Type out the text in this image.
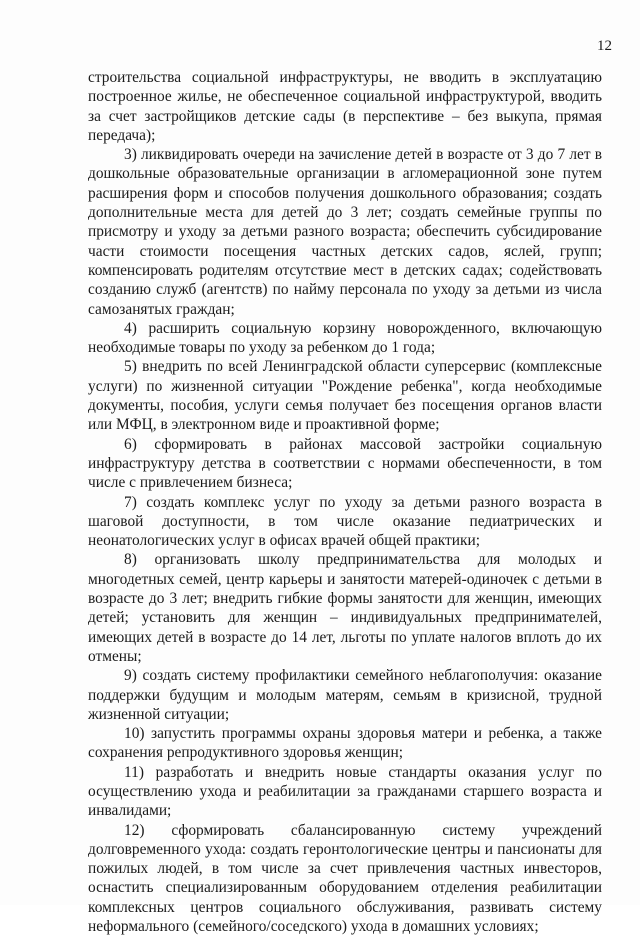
12

строительства социальной инфраструктуры, не вводить в эксплуатацию построенное жилье, не обеспеченное социальной инфраструктурой, вводить за счет застройщиков детские сады (в перспективе – без выкупа, прямая передача);

3) ликвидировать очереди на зачисление детей в возрасте от 3 до 7 лет в дошкольные образовательные организации в агломерационной зоне путем расширения форм и способов получения дошкольного образования; создать дополнительные места для детей до 3 лет; создать семейные группы по присмотру и уходу за детьми разного возраста; обеспечить субсидирование части стоимости посещения частных детских садов, яслей, групп; компенсировать родителям отсутствие мест в детских садах; содействовать созданию служб (агентств) по найму персонала по уходу за детьми из числа самозанятых граждан;

4) расширить социальную корзину новорожденного, включающую необходимые товары по уходу за ребенком до 1 года;

5) внедрить по всей Ленинградской области суперсервис (комплексные услуги) по жизненной ситуации "Рождение ребенка", когда необходимые документы, пособия, услуги семья получает без посещения органов власти или МФЦ, в электронном виде и проактивной форме;

6) сформировать в районах массовой застройки социальную инфраструктуру детства в соответствии с нормами обеспеченности, в том числе с привлечением бизнеса;

7) создать комплекс услуг по уходу за детьми разного возраста в шаговой доступности, в том числе оказание педиатрических и неонатологических услуг в офисах врачей общей практики;

8) организовать школу предпринимательства для молодых и многодетных семей, центр карьеры и занятости матерей-одиночек с детьми в возрасте до 3 лет; внедрить гибкие формы занятости для женщин, имеющих детей; установить для женщин – индивидуальных предпринимателей, имеющих детей в возрасте до 14 лет, льготы по уплате налогов вплоть до их отмены;

9) создать систему профилактики семейного неблагополучия: оказание поддержки будущим и молодым матерям, семьям в кризисной, трудной жизненной ситуации;

10) запустить программы охраны здоровья матери и ребенка, а также сохранения репродуктивного здоровья женщин;

11) разработать и внедрить новые стандарты оказания услуг по осуществлению ухода и реабилитации за гражданами старшего возраста и инвалидами;

12) сформировать сбалансированную систему учреждений долговременного ухода: создать геронтологические центры и пансионаты для пожилых людей, в том числе за счет привлечения частных инвесторов, оснастить специализированным оборудованием отделения реабилитации комплексных центров социального обслуживания, развивать систему неформального (семейного/соседского) ухода в домашних условиях;
